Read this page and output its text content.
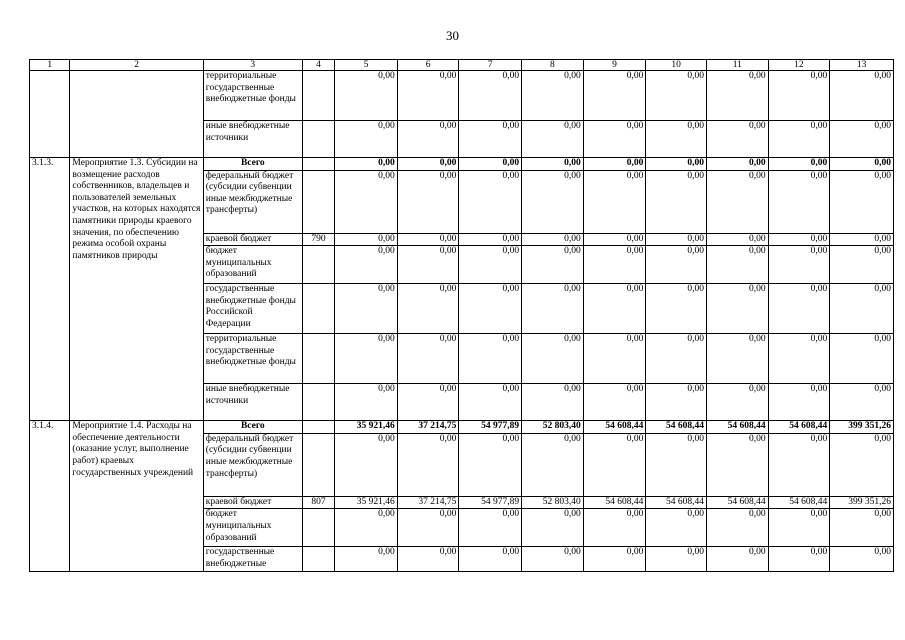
30
1	2	3	4	5	6	7	8	9	10	11	12	13
		территориальные государственные внебюджетные фонды		0,00	0,00	0,00	0,00	0,00	0,00	0,00	0,00	0,00
		иные внебюджетные источники		0,00	0,00	0,00	0,00	0,00	0,00	0,00	0,00	0,00
3.1.3.	Мероприятие 1.3. Субсидии на возмещение расходов собственников, владельцев и пользователей земельных участков, на которых находятся памятники природы краевого значения, по обеспечению режима особой охраны памятников природы	Всего		0,00	0,00	0,00	0,00	0,00	0,00	0,00	0,00	0,00
		федеральный бюджет (субсидии субвенции иные межбюджетные трансферты)		0,00	0,00	0,00	0,00	0,00	0,00	0,00	0,00	0,00
		краевой бюджет	790	0,00	0,00	0,00	0,00	0,00	0,00	0,00	0,00	0,00
		бюджет муниципальных образований		0,00	0,00	0,00	0,00	0,00	0,00	0,00	0,00	0,00
		государственные внебюджетные фонды Российской Федерации		0,00	0,00	0,00	0,00	0,00	0,00	0,00	0,00	0,00
		территориальные государственные внебюджетные фонды		0,00	0,00	0,00	0,00	0,00	0,00	0,00	0,00	0,00
		иные внебюджетные источники		0,00	0,00	0,00	0,00	0,00	0,00	0,00	0,00	0,00
3.1.4.	Мероприятие 1.4. Расходы на обеспечение деятельности (оказание услуг, выполнение работ) краевых государственных учреждений	Всего		35 921,46	37 214,75	54 977,89	52 803,40	54 608,44	54 608,44	54 608,44	54 608,44	399 351,26
		федеральный бюджет (субсидии субвенции иные межбюджетные трансферты)		0,00	0,00	0,00	0,00	0,00	0,00	0,00	0,00	0,00
		краевой бюджет	807	35 921,46	37 214,75	54 977,89	52 803,40	54 608,44	54 608,44	54 608,44	54 608,44	399 351,26
		бюджет муниципальных образований		0,00	0,00	0,00	0,00	0,00	0,00	0,00	0,00	0,00
		государственные внебюджетные		0,00	0,00	0,00	0,00	0,00	0,00	0,00	0,00	0,00
